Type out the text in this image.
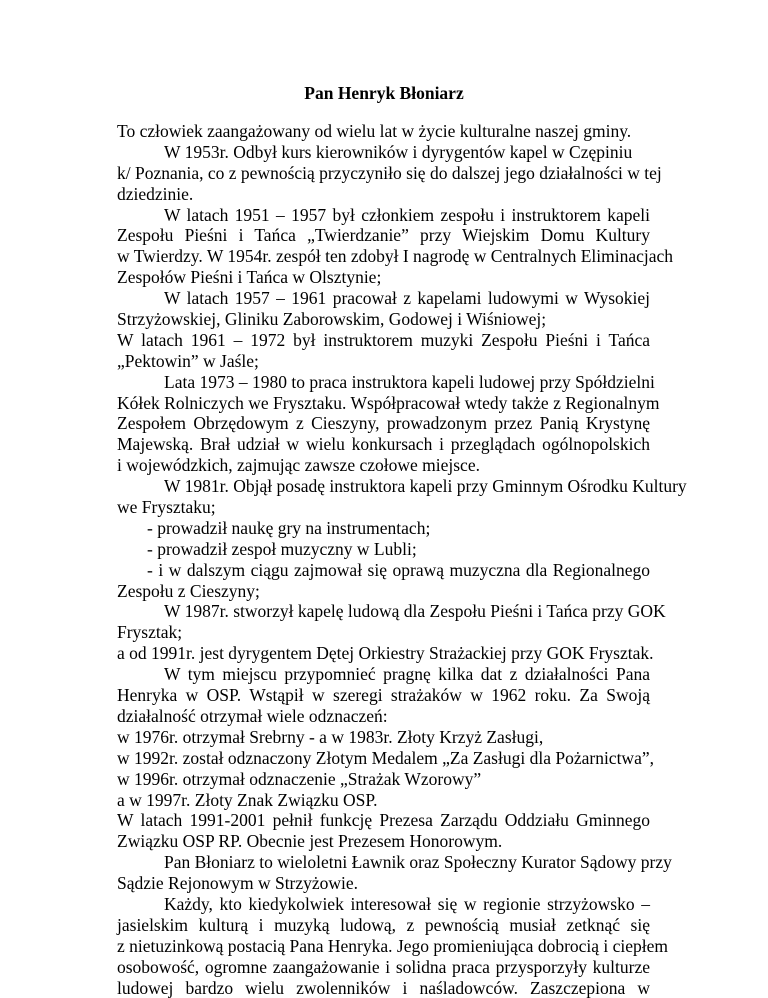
Pan Henryk Błoniarz
To człowiek zaangażowany od wielu lat w życie kulturalne naszej gminy.
W 1953r. Odbył kurs kierowników i dyrygentów kapel w Czępiniu
k/ Poznania, co z pewnością przyczyniło się do dalszej jego działalności w tej
dziedzinie.
W latach 1951 – 1957 był członkiem zespołu i instruktorem kapeli
Zespołu Pieśni i Tańca „Twierdzanie” przy Wiejskim Domu Kultury
w Twierdzy. W 1954r. zespół ten zdobył I nagrodę w Centralnych Eliminacjach
Zespołów Pieśni i Tańca w Olsztynie;
W latach 1957 – 1961 pracował z kapelami ludowymi w Wysokiej
Strzyżowskiej, Gliniku Zaborowskim, Godowej i Wiśniowej;
W latach 1961 – 1972 był instruktorem muzyki Zespołu Pieśni i Tańca
„Pektowin” w Jaśle;
Lata 1973 – 1980 to praca instruktora kapeli ludowej przy Spółdzielni
Kółek Rolniczych we Frysztaku. Współpracował wtedy także z Regionalnym
Zespołem Obrzędowym z Cieszyny, prowadzonym przez Panią Krystynę
Majewską. Brał udział w wielu konkursach i przeglądach ogólnopolskich
i wojewódzkich, zajmując zawsze czołowe miejsce.
W 1981r. Objął posadę instruktora kapeli przy Gminnym Ośrodku Kultury
we Frysztaku;
- prowadził naukę gry na instrumentach;
- prowadził zespoł muzyczny w Lubli;
- i w dalszym ciągu zajmował się oprawą muzyczna dla Regionalnego
Zespołu z Cieszyny;
W 1987r. stworzył kapelę ludową dla Zespołu Pieśni i Tańca przy GOK
Frysztak;
a od 1991r. jest dyrygentem Dętej Orkiestry Strażackiej przy GOK Frysztak.
W tym miejscu przypomnieć pragnę kilka dat z działalności Pana
Henryka w OSP. Wstąpił w szeregi strażaków w 1962 roku. Za Swoją
działalność otrzymał wiele odznaczeń:
w 1976r. otrzymał Srebrny - a w 1983r. Złoty Krzyż Zasługi,
w 1992r. został odznaczony Złotym Medalem „Za Zasługi dla Pożarnictwa”,
w 1996r. otrzymał odznaczenie „Strażak Wzorowy”
a w 1997r. Złoty Znak Związku OSP.
W latach 1991-2001 pełnił funkcję Prezesa Zarządu Oddziału Gminnego
Związku OSP RP. Obecnie jest Prezesem Honorowym.
Pan Błoniarz to wieloletni Ławnik oraz Społeczny Kurator Sądowy przy
Sądzie Rejonowym w Strzyżowie.
Każdy, kto kiedykolwiek interesował się w regionie strzyżowsko –
jasielskim kulturą i muzyką ludową, z pewnością musiał zetknąć się
z nietuzinkową postacią Pana Henryka. Jego promieniująca dobrocią i ciepłem
osobowość, ogromne zaangażowanie i solidna praca przysporzyły kulturze
ludowej bardzo wielu zwolenników i naśladowców. Zaszczepiona w
